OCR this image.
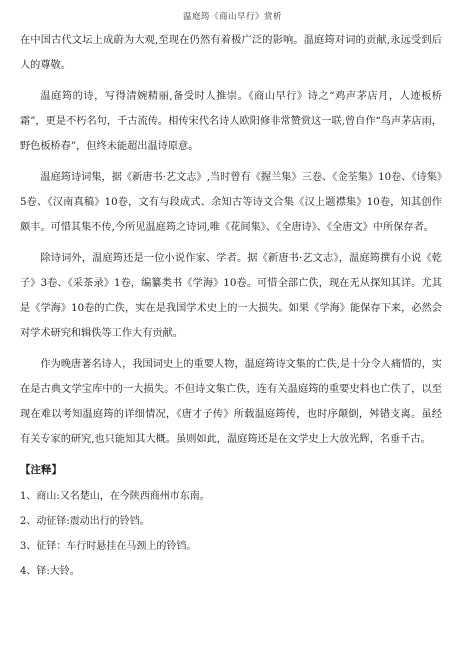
温庭筠《商山早行》赏析

在中国古代文坛上成蔚为大观,至现在仍然有着极广泛的影响。温庭筠对词的贡献,永远受到后人的尊敬。

温庭筠的诗，写得清婉精丽,备受时人推崇。《商山早行》诗之“鸡声茅店月，人迹板桥霜”，更是不朽名句，千古流传。相传宋代名诗人欧阳修非常赞赏这一联,曾自作“鸟声茅店雨，野色板桥春”，但终未能超出温诗原意。

温庭筠诗词集，据《新唐书·艺文志》,当时曾有《握兰集》三卷、《金荃集》10卷、《诗集》5卷、《汉南真稿》10卷，文有与段成式、余知古等诗文合集《汉上题襟集》10卷，知其创作颇丰。可惜其集不传,今所见温庭筠之诗词,唯《花间集》、《全唐诗》、《全唐文》中所保存者。

除诗词外，温庭筠还是一位小说作家、学者。据《新唐书·艺文志》，温庭筠撰有小说《乾 子》3卷、《采茶录》1卷，编纂类书《学海》10卷。可惜全部亡佚，现在无从探知其详。尤其是《学海》10卷的亡佚，实在是我国学术史上的一大损失。如果《学海》能保存下来，必然会对学术研究和辑佚等工作大有贡献。

作为晚唐著名诗人，我国词史上的重要人物，温庭筠诗文集的亡佚,是十分令人痛惜的，实在是古典文学宝库中的一大损失。不但诗文集亡佚，连有关温庭筠的重要史料也亡佚了，以至现在难以考知温庭筠的详细情况，《唐才子传》所载温庭筠传，也时序颠倒，舛错支离。虽经有关专家的研究,也只能知其大概。虽则如此，温庭筠还是在文学史上大放光辉，名垂千古。

【注释】

1、商山:又名楚山，在今陕西商州市东南。

2、动征铎:震动出行的铃铛。

3、征铎：车行时悬挂在马颈上的铃铛。

4、铎:大铃。
